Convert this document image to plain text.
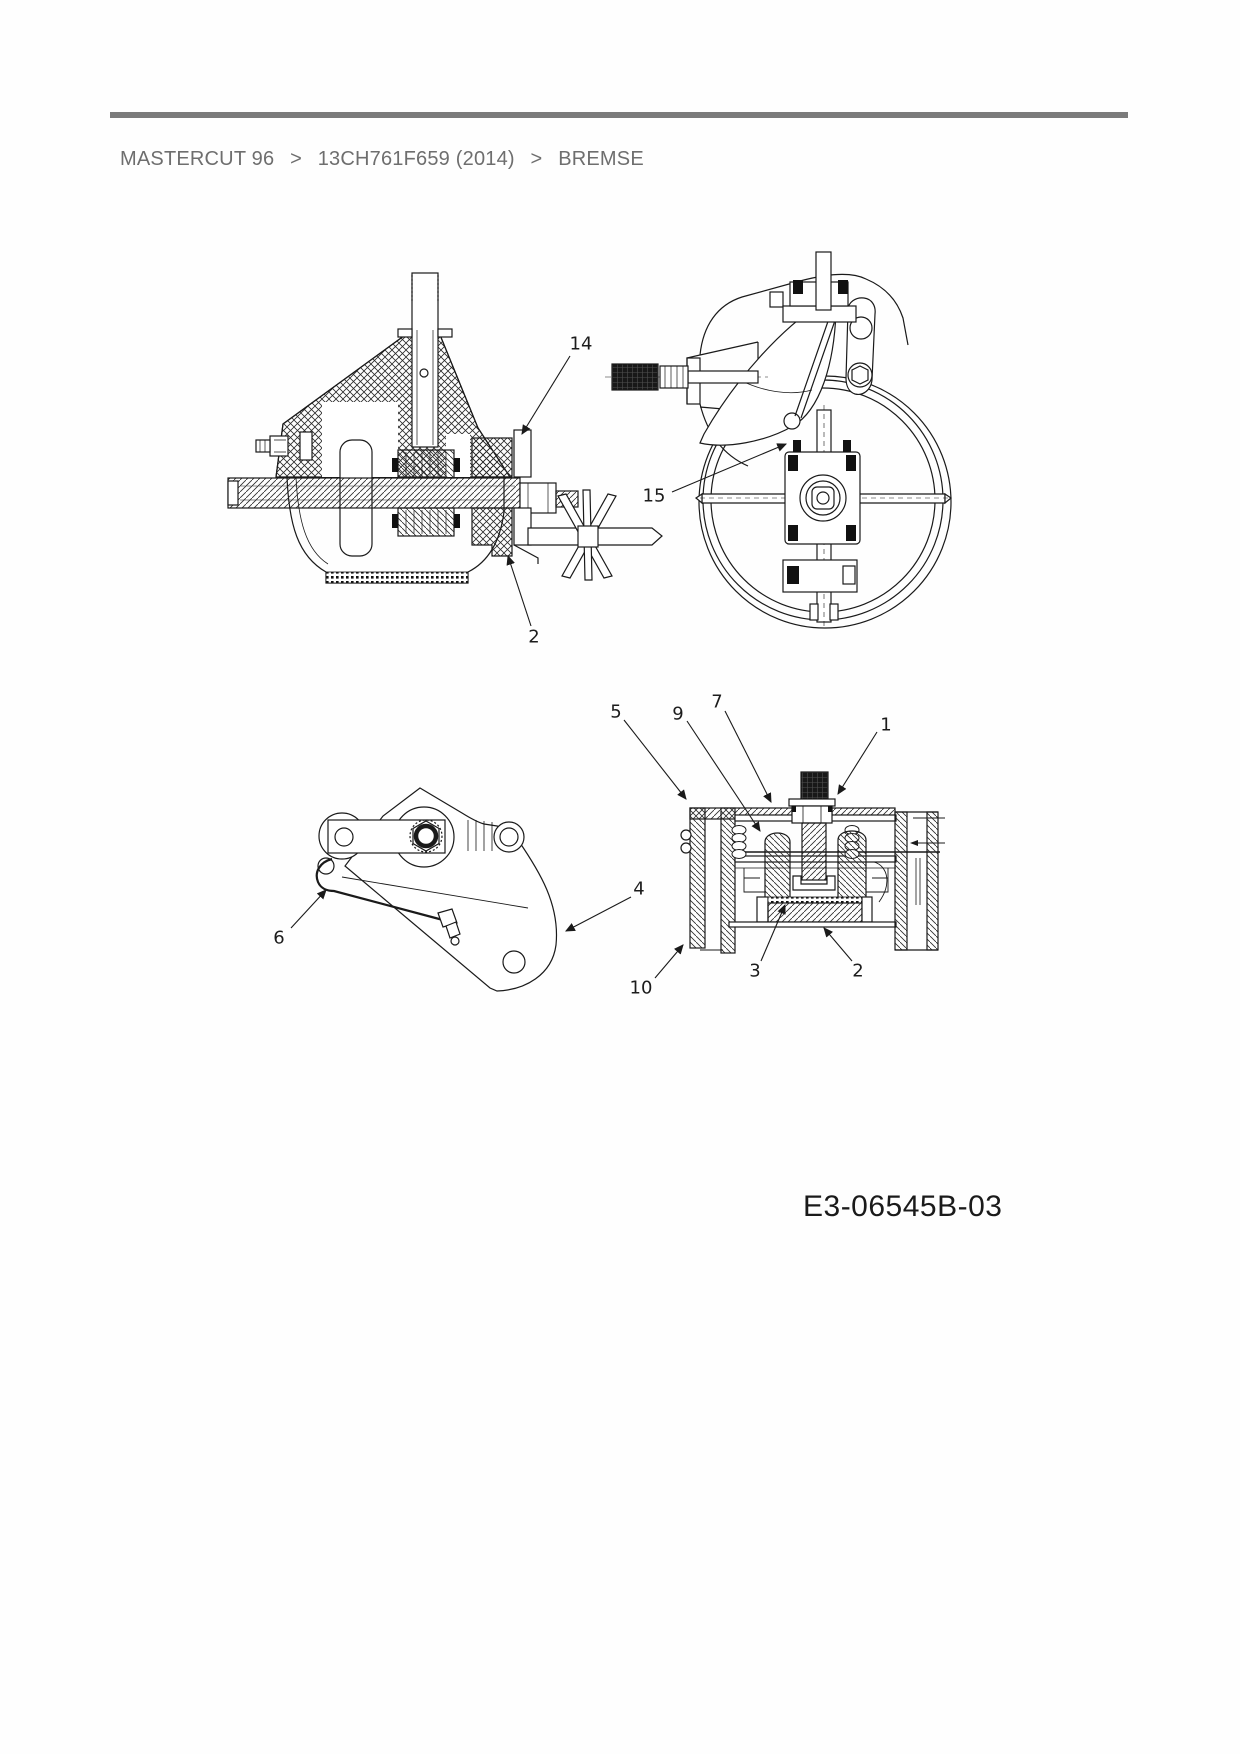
MASTERCUT 96 > 13CH761F659 (2014) > BREMSE
14
2
15
6
4
5	9
7
1
10
3	2
E3-06545B-03
